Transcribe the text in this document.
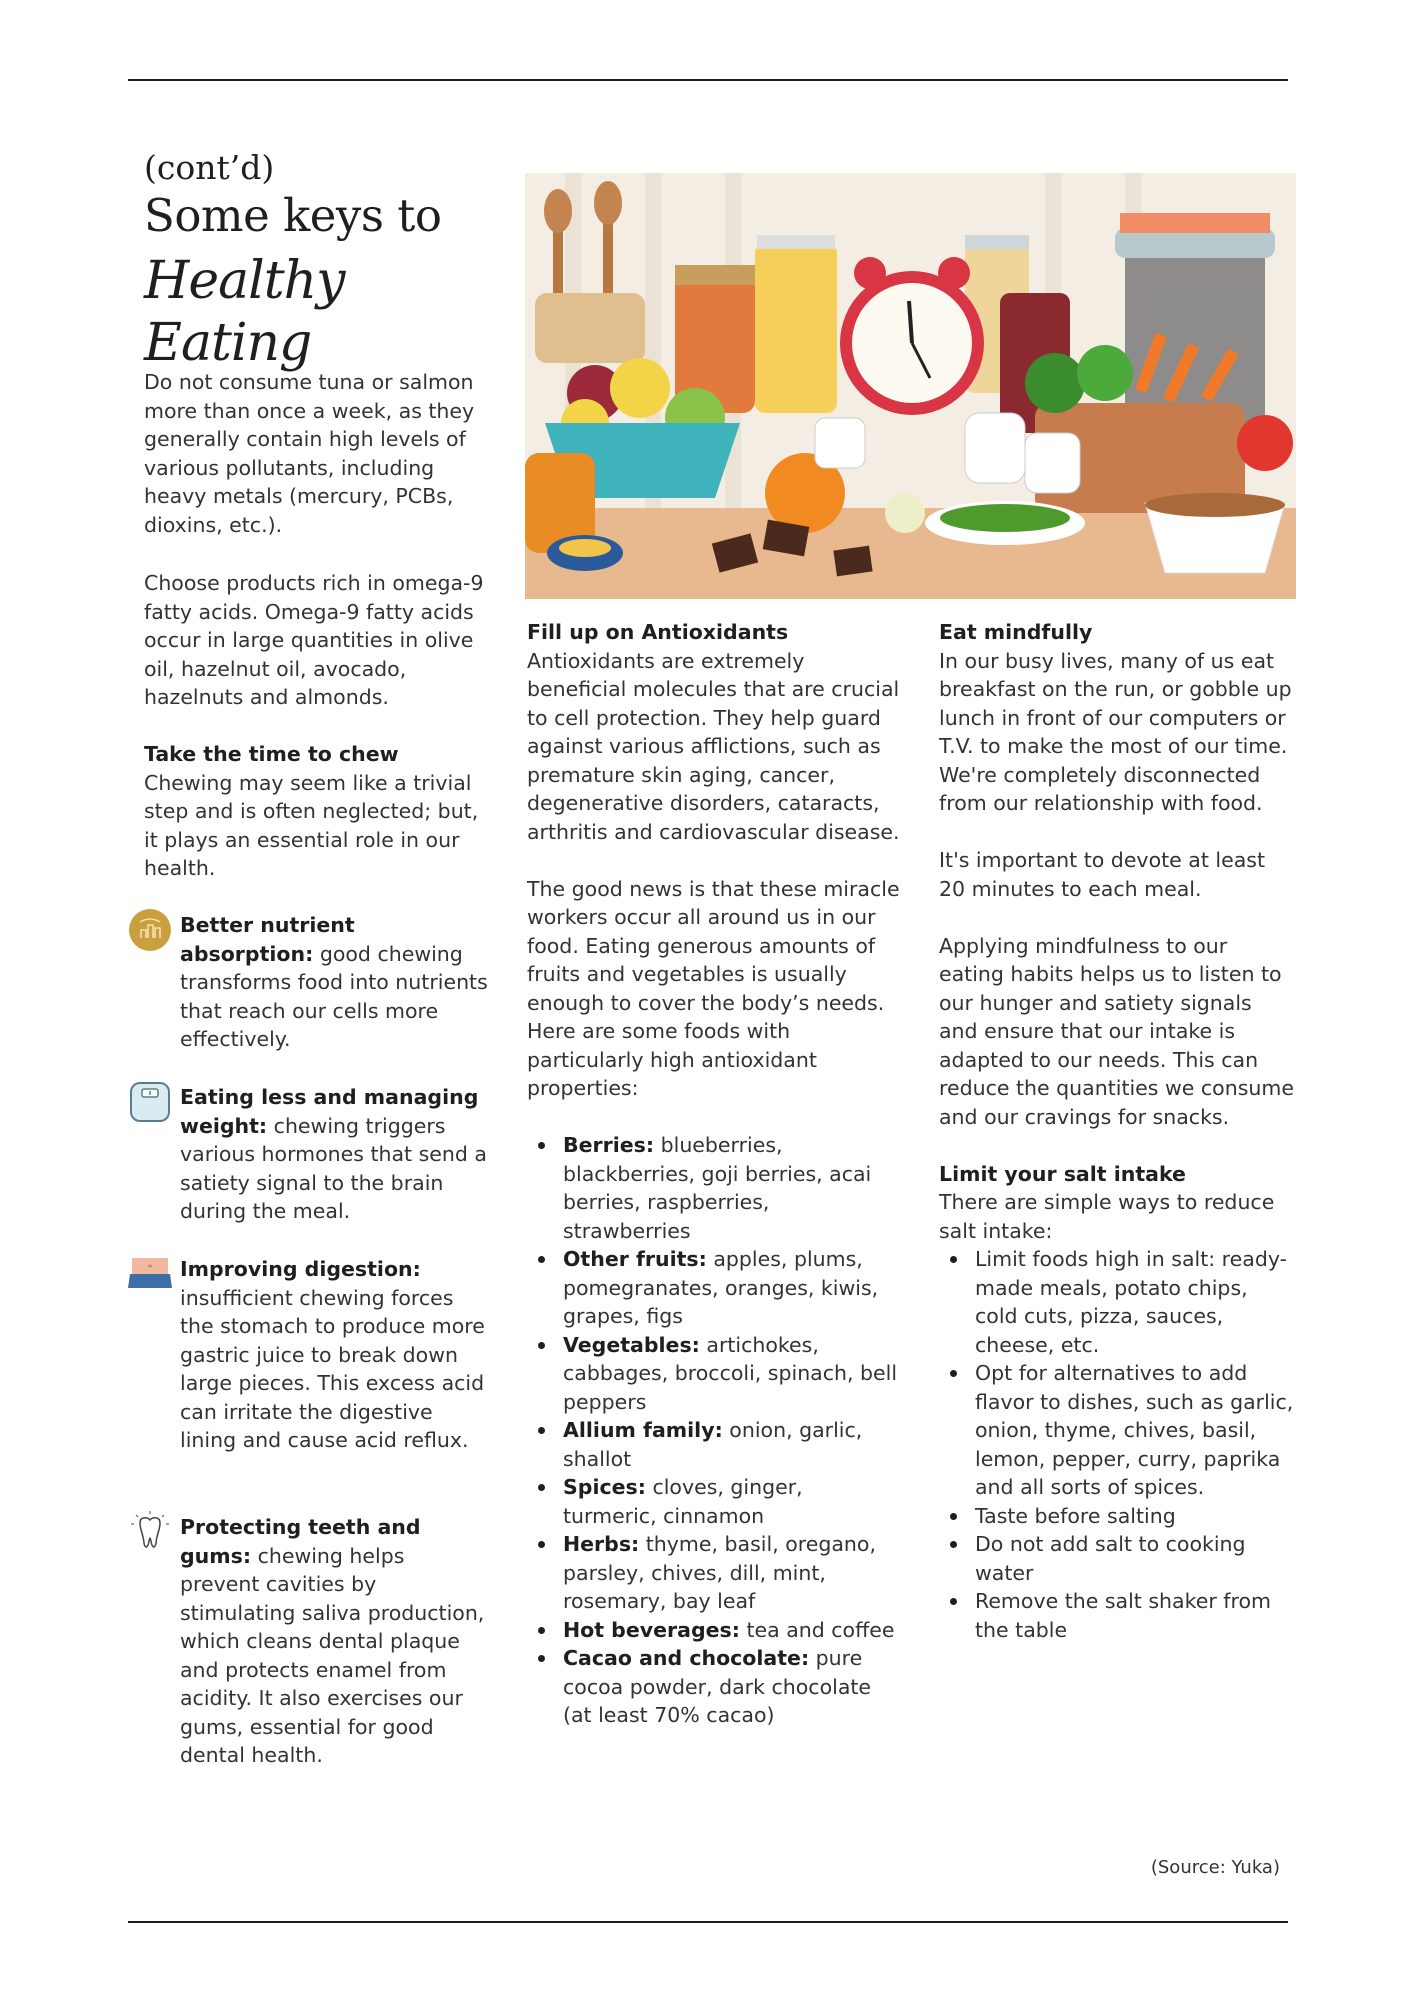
(cont’d)
Some keys to
Healthy Eating
Do not consume tuna or salmon more than once a week, as they generally contain high levels of various pollutants, including heavy metals (mercury, PCBs, dioxins, etc.).
Choose products rich in omega-9 fatty acids. Omega-9 fatty acids occur in large quantities in olive oil, hazelnut oil, avocado, hazelnuts and almonds.
Take the time to chew
Chewing may seem like a trivial step and is often neglected; but, it plays an essential role in our health.
Better nutrient absorption: good chewing transforms food into nutrients that reach our cells more effectively.
Eating less and managing weight: chewing triggers various hormones that send a satiety signal to the brain during the meal.
Improving digestion: insufficient chewing forces the stomach to produce more gastric juice to break down large pieces. This excess acid can irritate the digestive lining and cause acid reflux.
Protecting teeth and gums: chewing helps prevent cavities by stimulating saliva production, which cleans dental plaque and protects enamel from acidity. It also exercises our gums, essential for good dental health.
Fill up on Antioxidants
Antioxidants are extremely beneficial molecules that are crucial to cell protection. They help guard against various afflictions, such as premature skin aging, cancer, degenerative disorders, cataracts, arthritis and cardiovascular disease.
The good news is that these miracle workers occur all around us in our food. Eating generous amounts of fruits and vegetables is usually enough to cover the body’s needs. Here are some foods with particularly high antioxidant properties:
Berries: blueberries, blackberries, goji berries, acai berries, raspberries, strawberries
Other fruits: apples, plums, pomegranates, oranges, kiwis, grapes, figs
Vegetables: artichokes, cabbages, broccoli, spinach, bell peppers
Allium family: onion, garlic, shallot
Spices: cloves, ginger, turmeric, cinnamon
Herbs: thyme, basil, oregano, parsley, chives, dill, mint, rosemary, bay leaf
Hot beverages: tea and coffee
Cacao and chocolate: pure cocoa powder, dark chocolate (at least 70% cacao)
Eat mindfully
In our busy lives, many of us eat breakfast on the run, or gobble up lunch in front of our computers or T.V. to make the most of our time. We're completely disconnected from our relationship with food.
It's important to devote at least 20 minutes to each meal.
Applying mindfulness to our eating habits helps us to listen to our hunger and satiety signals and ensure that our intake is adapted to our needs. This can reduce the quantities we consume and our cravings for snacks.
Limit your salt intake
There are simple ways to reduce salt intake:
Limit foods high in salt: ready-made meals, potato chips, cold cuts, pizza, sauces, cheese, etc.
Opt for alternatives to add flavor to dishes, such as garlic, onion, thyme, chives, basil, lemon, pepper, curry, paprika and all sorts of spices.
Taste before salting
Do not add salt to cooking water
Remove the salt shaker from the table
(Source: Yuka)
